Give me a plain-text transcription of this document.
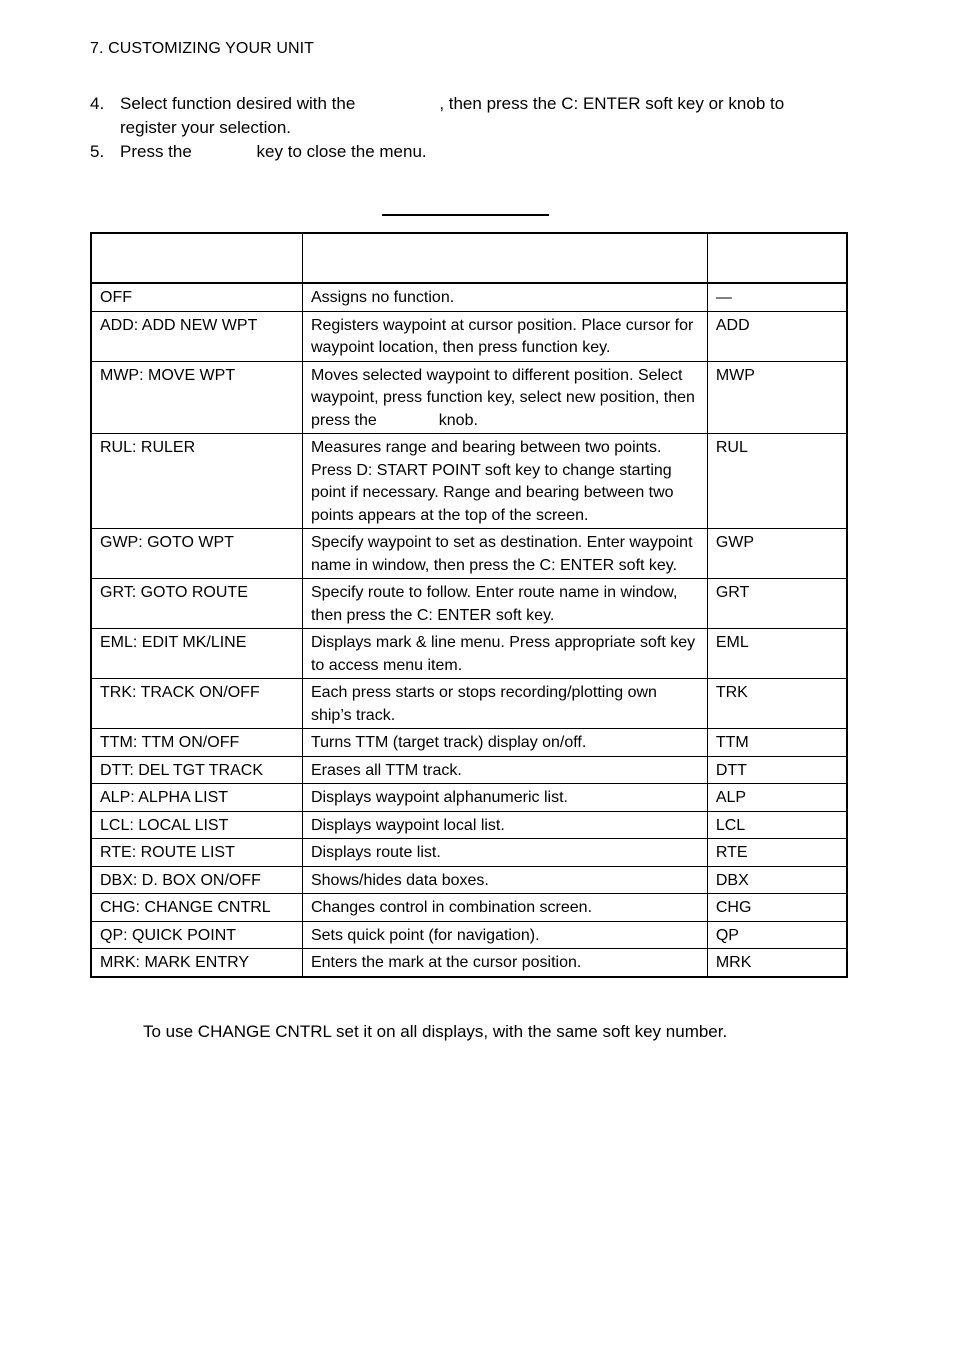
7. CUSTOMIZING YOUR UNIT
4. Select function desired with the	, then press the C: ENTER soft key or knob to register your selection.
5. Press the	key to close the menu.

OFF	Assigns no function.	—
ADD: ADD NEW WPT	Registers waypoint at cursor position. Place cursor for waypoint location, then press function key.	ADD
MWP: MOVE WPT	Moves selected waypoint to different position. Select waypoint, press function key, select new position, then press the knob.	MWP
RUL: RULER	Measures range and bearing between two points. Press D: START POINT soft key to change starting point if necessary. Range and bearing between two points appears at the top of the screen.	RUL
GWP: GOTO WPT	Specify waypoint to set as destination. Enter waypoint name in window, then press the C: ENTER soft key.	GWP
GRT: GOTO ROUTE	Specify route to follow. Enter route name in window, then press the C: ENTER soft key.	GRT
EML: EDIT MK/LINE	Displays mark & line menu. Press appropriate soft key to access menu item.	EML
TRK: TRACK ON/OFF	Each press starts or stops recording/plotting own ship’s track.	TRK
TTM: TTM ON/OFF	Turns TTM (target track) display on/off.	TTM
DTT: DEL TGT TRACK	Erases all TTM track.	DTT
ALP: ALPHA LIST	Displays waypoint alphanumeric list.	ALP
LCL: LOCAL LIST	Displays waypoint local list.	LCL
RTE: ROUTE LIST	Displays route list.	RTE
DBX: D. BOX ON/OFF	Shows/hides data boxes.	DBX
CHG: CHANGE CNTRL	Changes control in combination screen.	CHG
QP: QUICK POINT	Sets quick point (for navigation).	QP
MRK: MARK ENTRY	Enters the mark at the cursor position.	MRK
To use CHANGE CNTRL set it on all displays, with the same soft key number.
